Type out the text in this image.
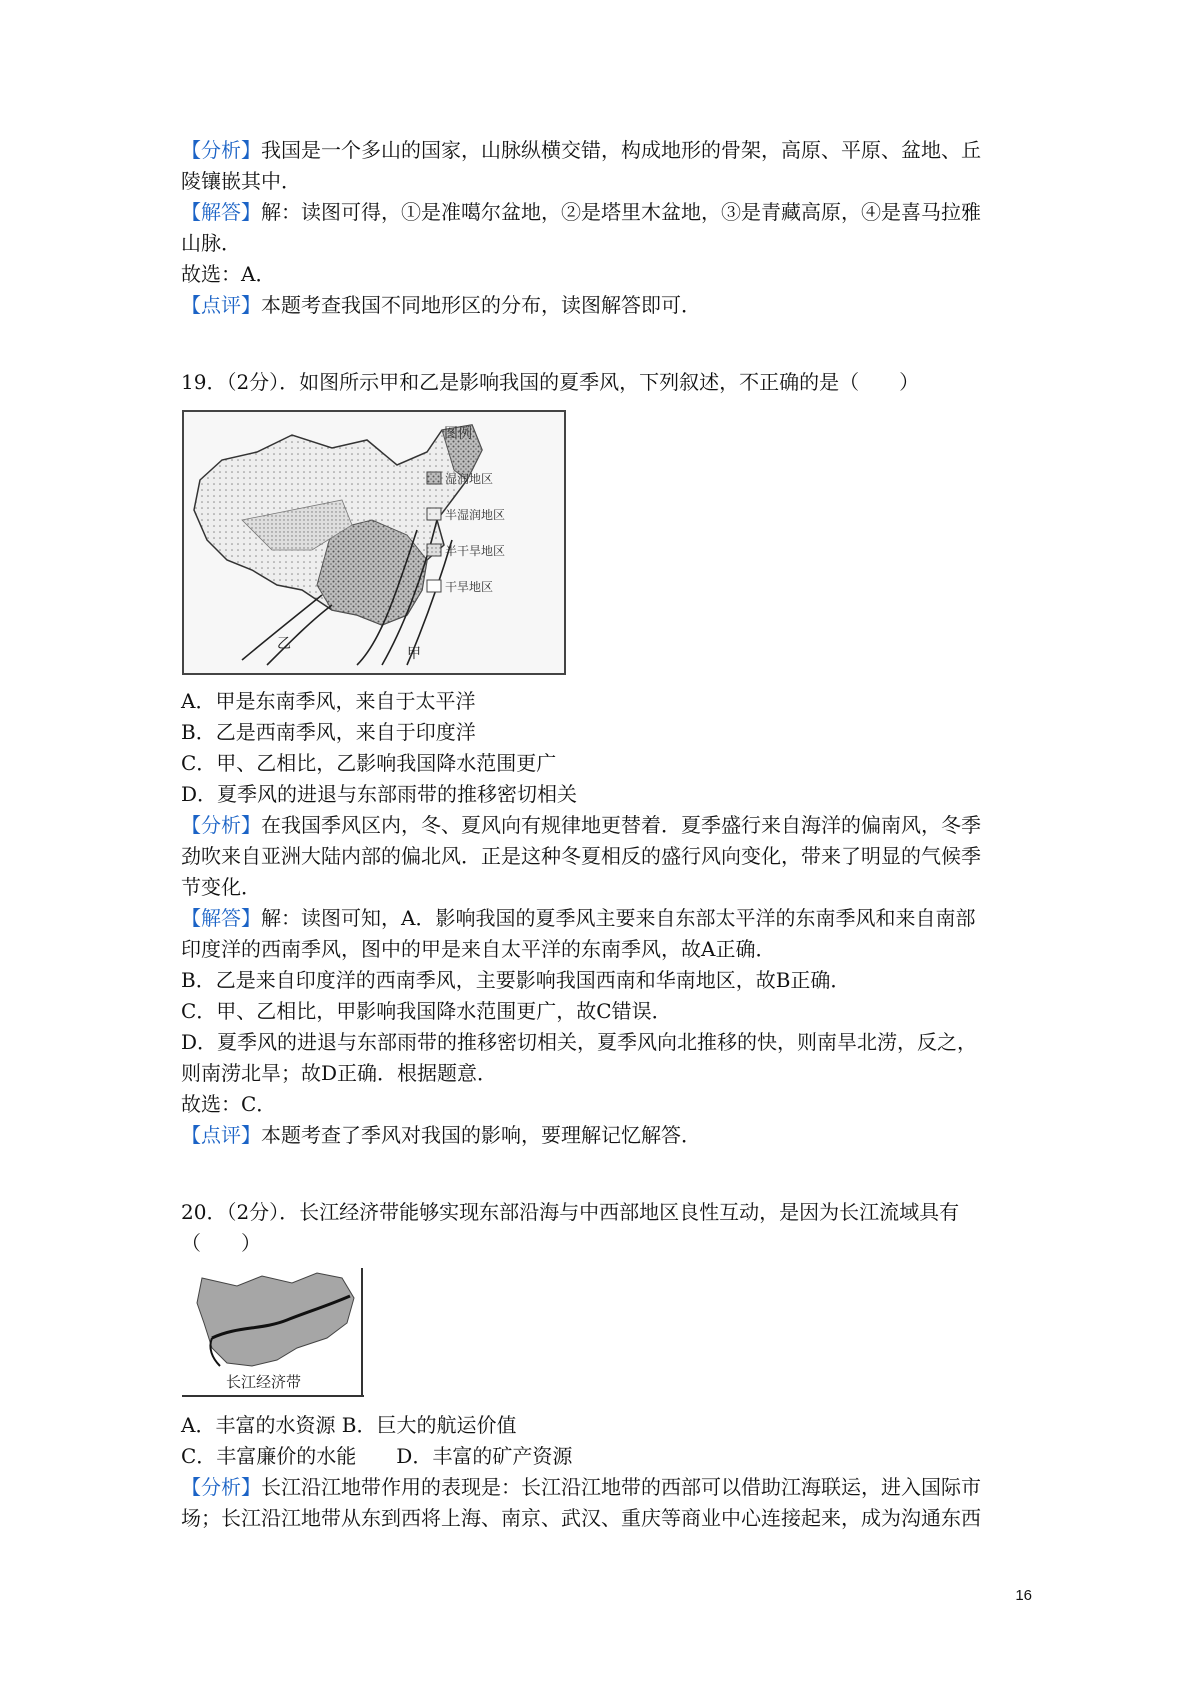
【分析】我国是一个多山的国家，山脉纵横交错，构成地形的骨架，高原、平原、盆地、丘
陵镶嵌其中．
【解答】解：读图可得，①是准噶尔盆地，②是塔里木盆地，③是青藏高原，④是喜马拉雅
山脉．
故选：A．
【点评】本题考查我国不同地形区的分布，读图解答即可．
19．（2分）．如图所示甲和乙是影响我国的夏季风，下列叙述，不正确的是（　　）
甲
乙
图例
湿润地区
半湿润地区
半干旱地区
干旱地区
A．甲是东南季风，来自于太平洋
B．乙是西南季风，来自于印度洋
C．甲、乙相比，乙影响我国降水范围更广
D．夏季风的进退与东部雨带的推移密切相关
【分析】在我国季风区内，冬、夏风向有规律地更替着．夏季盛行来自海洋的偏南风，冬季
劲吹来自亚洲大陆内部的偏北风．正是这种冬夏相反的盛行风向变化，带来了明显的气候季
节变化．
【解答】解：读图可知，A．影响我国的夏季风主要来自东部太平洋的东南季风和来自南部
印度洋的西南季风，图中的甲是来自太平洋的东南季风，故A正确．
B．乙是来自印度洋的西南季风，主要影响我国西南和华南地区，故B正确．
C．甲、乙相比，甲影响我国降水范围更广，故C错误．
D．夏季风的进退与东部雨带的推移密切相关，夏季风向北推移的快，则南旱北涝，反之，
则南涝北旱；故D正确．根据题意．
故选：C．
【点评】本题考查了季风对我国的影响，要理解记忆解答．
20．（2分）．长江经济带能够实现东部沿海与中西部地区良性互动，是因为长江流域具有
（　　）
长江经济带
A．丰富的水资源 B．巨大的航运价值
C．丰富廉价的水能　　D．丰富的矿产资源
【分析】长江沿江地带作用的表现是：长江沿江地带的西部可以借助江海联运，进入国际市
场；长江沿江地带从东到西将上海、南京、武汉、重庆等商业中心连接起来，成为沟通东西
16
